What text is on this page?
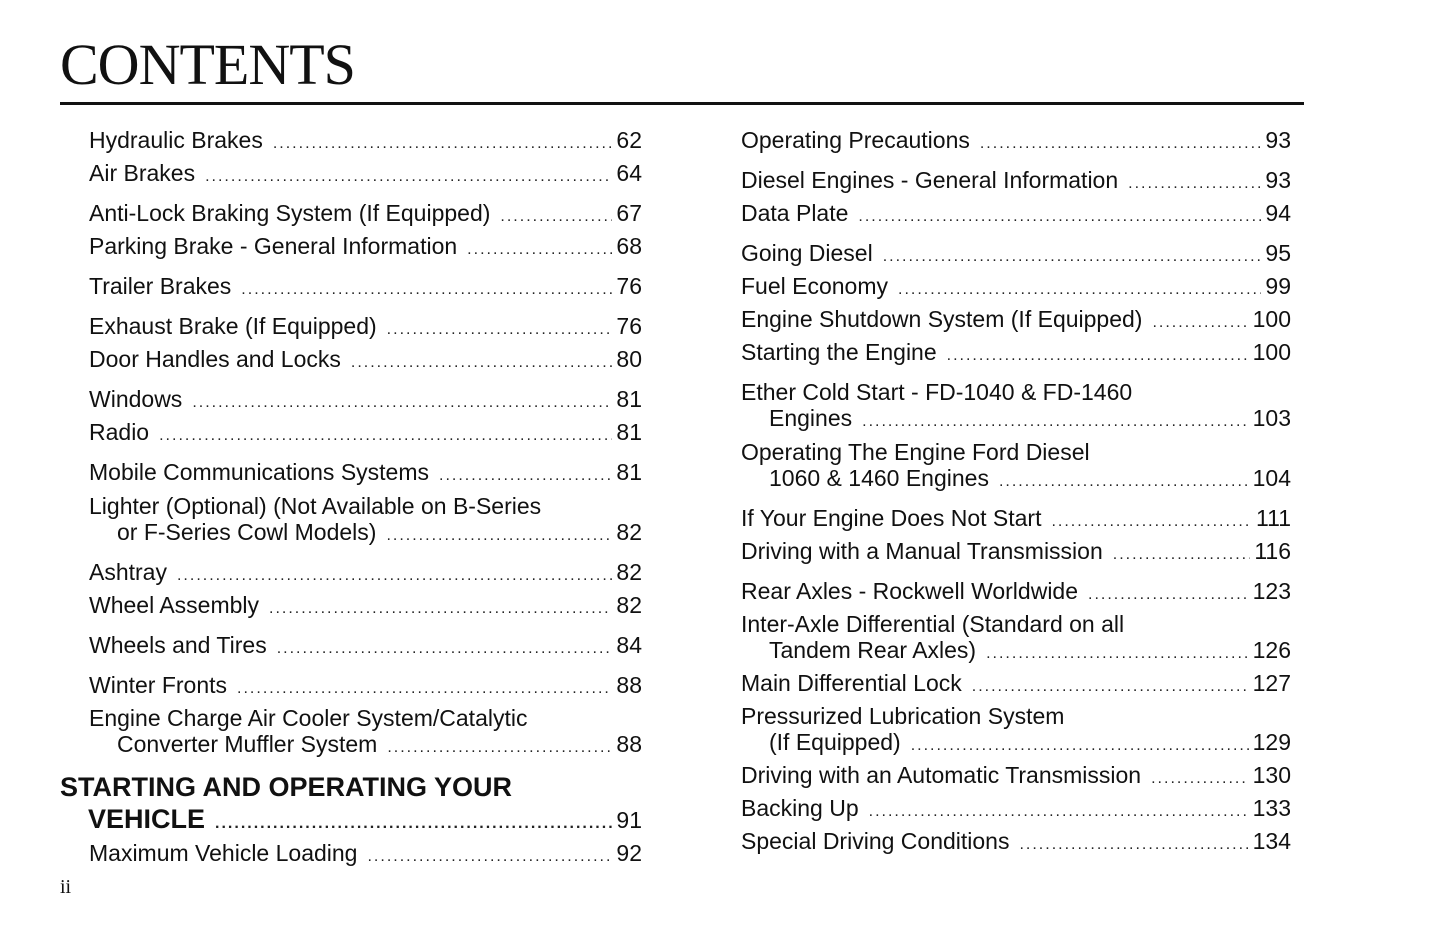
CONTENTS
ii
Hydraulic Brakes .....	62
Air Brakes .....	64
Anti-Lock Braking System (If Equipped) .....	67
Parking Brake - General Information .....	68
Trailer Brakes .....	76
Exhaust Brake (If Equipped) .....	76
Door Handles and Locks .....	80
Windows .....	81
Radio .....	81
Mobile Communications Systems .....	81
Lighter (Optional) (Not Available on B-Series
or F-Series Cowl Models) .....	82
Ashtray .....	82
Wheel Assembly .....	82
Wheels and Tires .....	84
Winter Fronts .....	88
Engine Charge Air Cooler System/Catalytic
Converter Muffler System .....	88
STARTING AND OPERATING YOUR
VEHICLE .....	91
Maximum Vehicle Loading .....	92
Operating Precautions .....	93
Diesel Engines - General Information .....	93
Data Plate .....	94
Going Diesel .....	95
Fuel Economy .....	99
Engine Shutdown System (If Equipped) .....	100
Starting the Engine .....	100
Ether Cold Start - FD-1040 & FD-1460
Engines .....	103
Operating The Engine Ford Diesel
1060 & 1460 Engines .....	104
If Your Engine Does Not Start .....	111
Driving with a Manual Transmission .....	116
Rear Axles - Rockwell Worldwide .....	123
Inter-Axle Differential (Standard on all
Tandem Rear Axles) .....	126
Main Differential Lock .....	127
Pressurized Lubrication System
(If Equipped) .....	129
Driving with an Automatic Transmission .....	130
Backing Up .....	133
Special Driving Conditions .....	134
